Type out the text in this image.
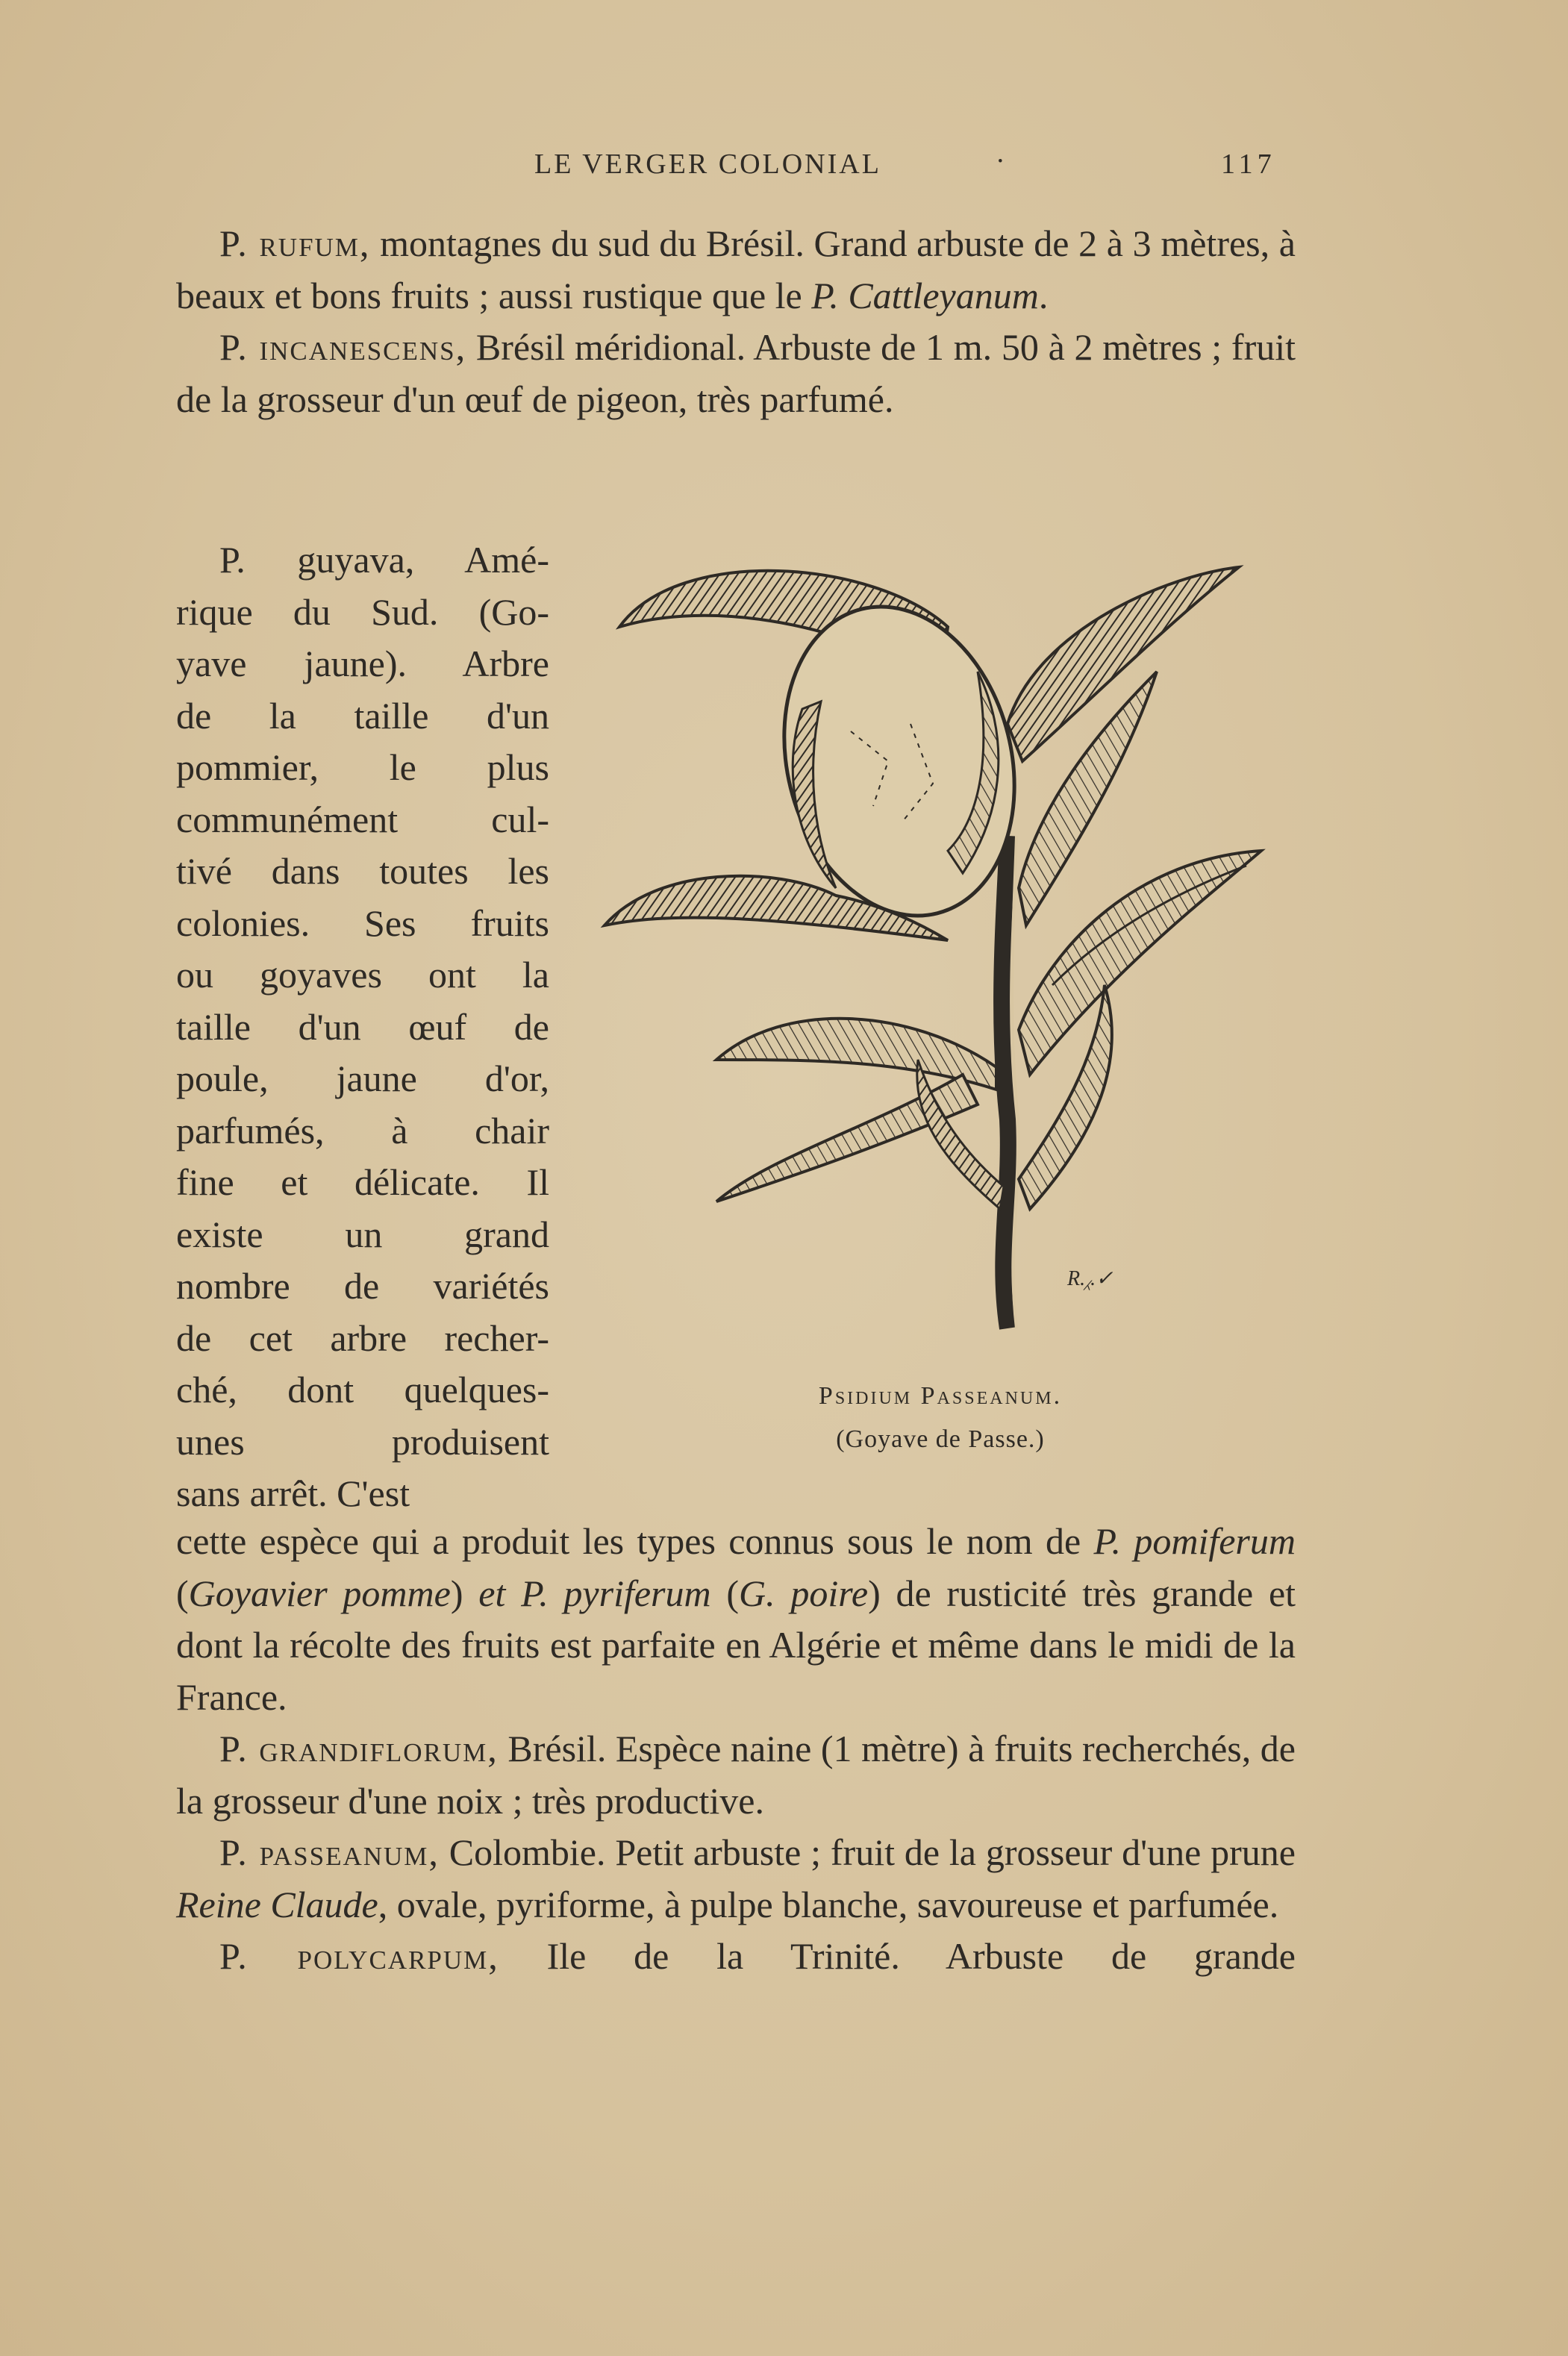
LE VERGER COLONIAL	·	117

P. rufum, montagnes du sud du Brésil. Grand arbuste de 2 à 3 mètres, à beaux et bons fruits ; aussi rustique que le P. Cattleyanum.

P. incanescens, Brésil méridional. Arbuste de 1 m. 50 à 2 mètres ; fruit de la grosseur d'un œuf de pigeon, très parfumé.

P. guyava, Amé-
rique du Sud. (Go-
yave jaune). Arbre
de la taille d'un
pommier, le plus
communément cul-
tivé dans toutes les
colonies. Ses fruits
ou goyaves ont la
taille d'un œuf de
poule, jaune d'or,
parfumés, à chair
fine et délicate. Il
existe un grand
nombre de variétés
de cet arbre recher-
ché, dont quelques-
unes produisent
sans arrêt. C'est
R.⁁.✓
Psidium Passeanum.
(Goyave de Passe.)

cette espèce qui a produit les types connus sous le nom de P. pomiferum (Goyavier pomme) et P. pyriferum (G. poire) de rusticité très grande et dont la récolte des fruits est parfaite en Algérie et même dans le midi de la France.

P. grandiflorum, Brésil. Espèce naine (1 mètre) à fruits recherchés, de la grosseur d'une noix ; très productive.

P. passeanum, Colombie. Petit arbuste ; fruit de la grosseur d'une prune Reine Claude, ovale, pyriforme, à pulpe blanche, savoureuse et parfumée.

P. polycarpum, Ile de la Trinité. Arbuste de grande
